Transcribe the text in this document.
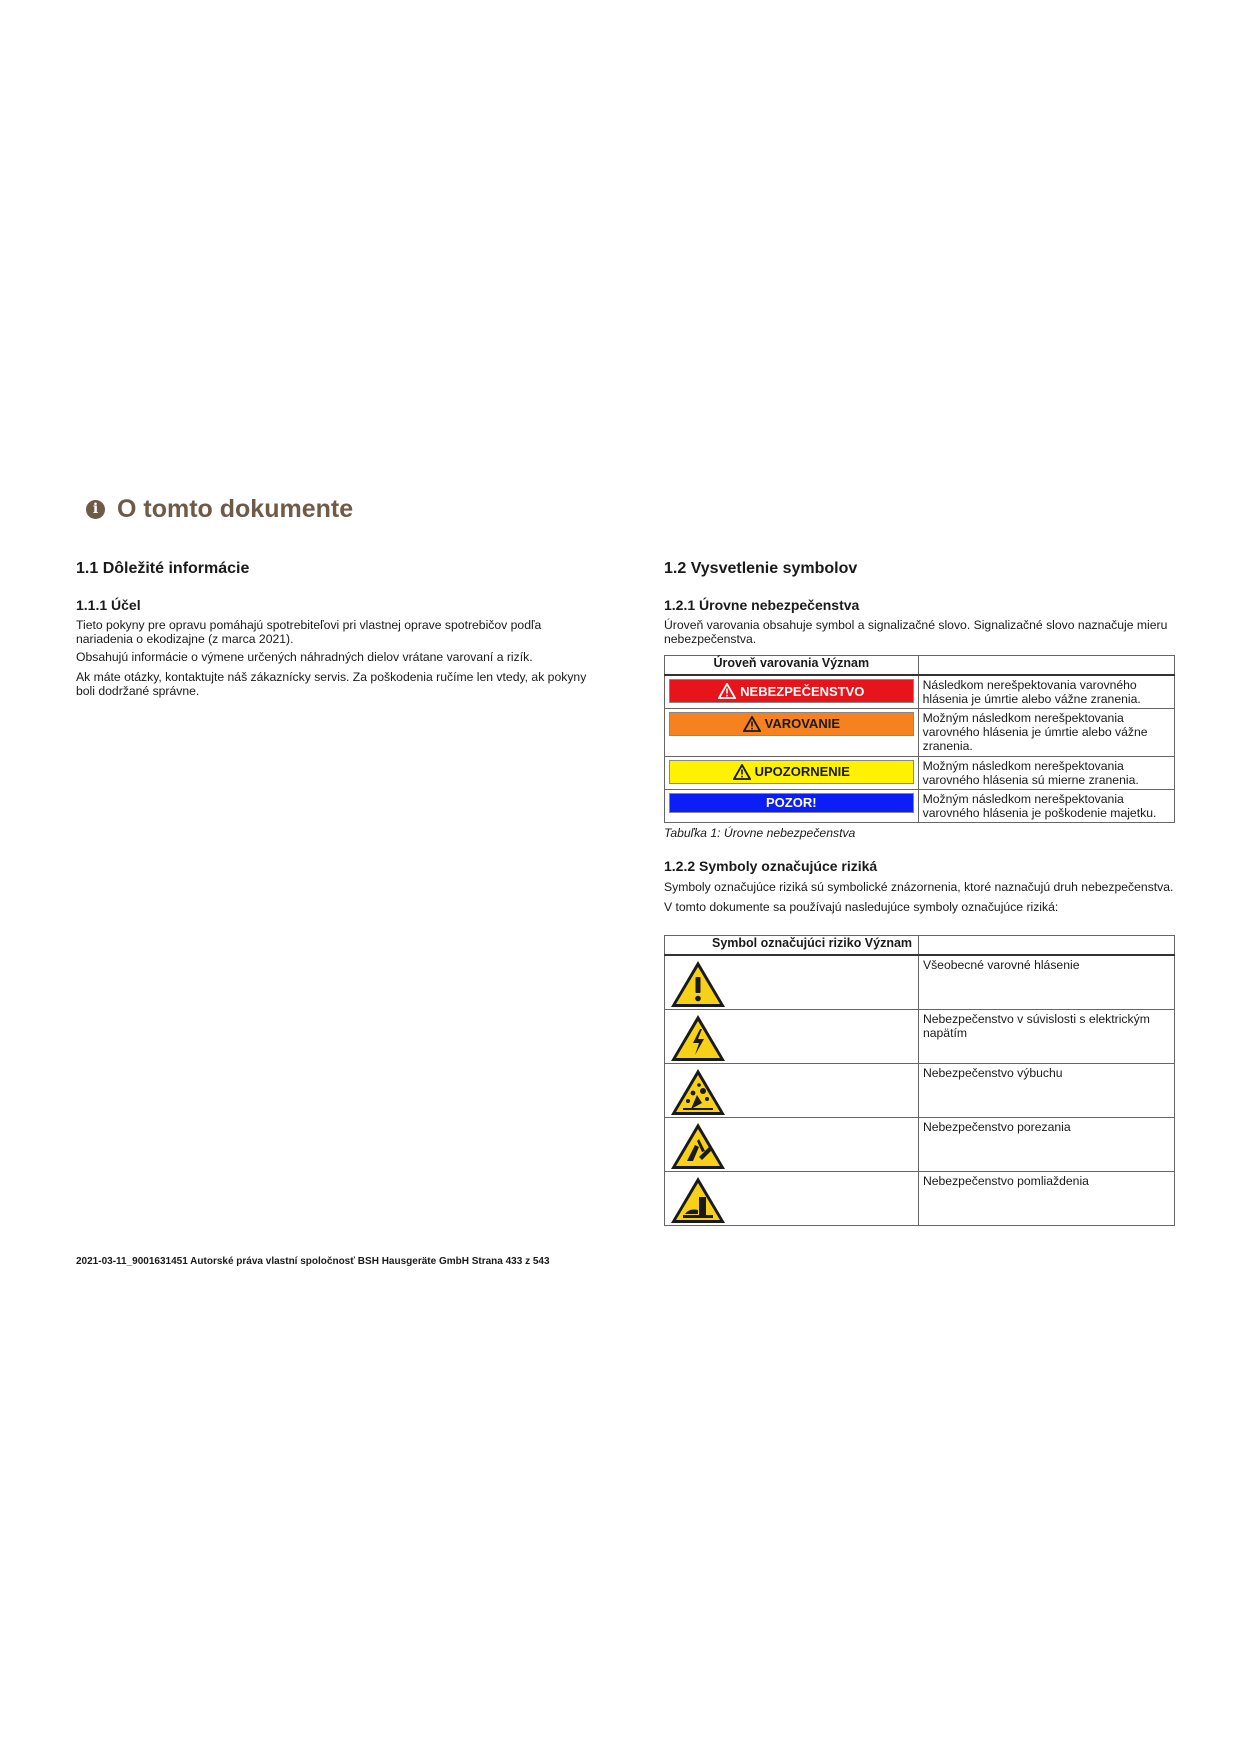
i O tomto dokumente
1.1 Dôležité informácie
1.1.1 Účel

Tieto pokyny pre opravu pomáhajú spotrebiteľovi pri vlastnej oprave spotrebičov podľa nariadenia o ekodizajne (z marca 2021).

Obsahujú informácie o výmene určených náhradných dielov vrátane varovaní a rizík.

Ak máte otázky, kontaktujte náš zákaznícky servis. Za poškodenia ručíme len vtedy, ak pokyny boli dodržané správne.

1.2 Vysvetlenie symbolov
1.2.1 Úrovne nebezpečenstva

Úroveň varovania obsahuje symbol a signalizačné slovo. Signalizačné slovo naznačuje mieru nebezpečenstva.

Úroveň varovania Význam	

NEBEZPEČENSTVO	Následkom nerešpektovania varovného hlásenia je úmrtie alebo vážne zranenia.

VAROVANIE	Možným následkom nerešpektovania varovného hlásenia je úmrtie alebo vážne zranenia.

UPOZORNENIE	Možným následkom nerešpektovania varovného hlásenia sú mierne zranenia.

POZOR!	Možným následkom nerešpektovania varovného hlásenia je poškodenie majetku.
Tabuľka 1: Úrovne nebezpečenstva
1.2.2 Symboly označujúce riziká

Symboly označujúce riziká sú symbolické znázornenia, ktoré naznačujú druh nebezpečenstva.

V tomto dokumente sa používajú nasledujúce symboly označujúce riziká:

Symbol označujúci riziko Význam	

	Všeobecné varovné hlásenie

	Nebezpečenstvo v súvislosti s elektrickým napätím

	Nebezpečenstvo výbuchu

	Nebezpečenstvo porezania

	Nebezpečenstvo pomliaždenia
2021-03-11_9001631451 Autorské práva vlastní spoločnosť BSH Hausgeräte GmbH Strana 433 z 543
